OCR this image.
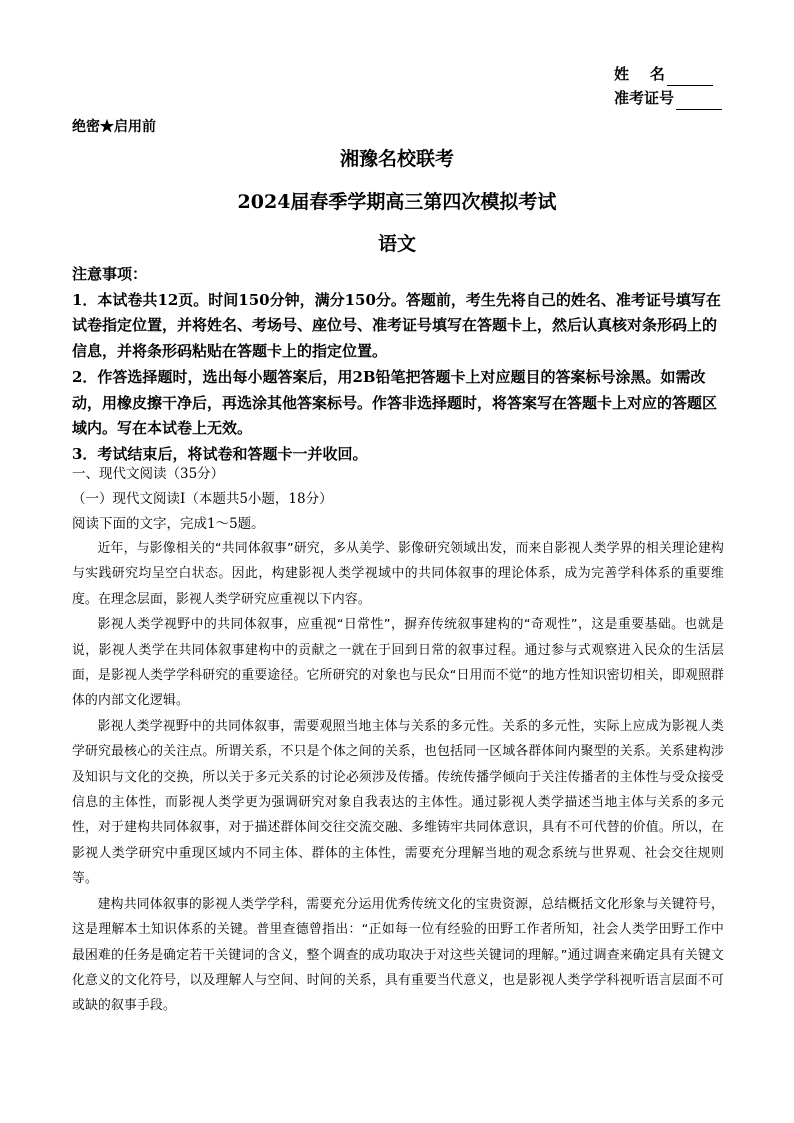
姓    名
准考证号
绝密★启用前
湘豫名校联考
2024届春季学期高三第四次模拟考试
语文

注意事项：

1．本试卷共12页。时间150分钟，满分150分。答题前，考生先将自己的姓名、准考证号填写在试卷指定位置，并将姓名、考场号、座位号、准考证号填写在答题卡上，然后认真核对条形码上的信息，并将条形码粘贴在答题卡上的指定位置。

2．作答选择题时，选出每小题答案后，用2B铅笔把答题卡上对应题目的答案标号涂黑。如需改动，用橡皮擦干净后，再选涂其他答案标号。作答非选择题时，将答案写在答题卡上对应的答题区域内。写在本试卷上无效。

3．考试结束后，将试卷和答题卡一并收回。

一、现代文阅读（35分）

（一）现代文阅读Ⅰ（本题共5小题，18分）

阅读下面的文字，完成1～5题。

近年，与影像相关的“共同体叙事”研究，多从美学、影像研究领域出发，而来自影视人类学界的相关理论建构与实践研究均呈空白状态。因此，构建影视人类学视域中的共同体叙事的理论体系，成为完善学科体系的重要维度。在理念层面，影视人类学研究应重视以下内容。

影视人类学视野中的共同体叙事，应重视“日常性”，摒弃传统叙事建构的“奇观性”，这是重要基础。也就是说，影视人类学在共同体叙事建构中的贡献之一就在于回到日常的叙事过程。通过参与式观察进入民众的生活层面，是影视人类学学科研究的重要途径。它所研究的对象也与民众“日用而不觉”的地方性知识密切相关，即观照群体的内部文化逻辑。

影视人类学视野中的共同体叙事，需要观照当地主体与关系的多元性。关系的多元性，实际上应成为影视人类学研究最核心的关注点。所谓关系，不只是个体之间的关系，也包括同一区域各群体间内聚型的关系。关系建构涉及知识与文化的交换，所以关于多元关系的讨论必须涉及传播。传统传播学倾向于关注传播者的主体性与受众接受信息的主体性，而影视人类学更为强调研究对象自我表达的主体性。通过影视人类学描述当地主体与关系的多元性，对于建构共同体叙事，对于描述群体间交往交流交融、多维铸牢共同体意识，具有不可代替的价值。所以，在影视人类学研究中重现区域内不同主体、群体的主体性，需要充分理解当地的观念系统与世界观、社会交往规则等。

建构共同体叙事的影视人类学学科，需要充分运用优秀传统文化的宝贵资源，总结概括文化形象与关键符号，这是理解本土知识体系的关键。普里查德曾指出：“正如每一位有经验的田野工作者所知，社会人类学田野工作中最困难的任务是确定若干关键词的含义，整个调查的成功取决于对这些关键词的理解。”通过调查来确定具有关键文化意义的文化符号，以及理解人与空间、时间的关系，具有重要当代意义，也是影视人类学学科视听语言层面不可或缺的叙事手段。
